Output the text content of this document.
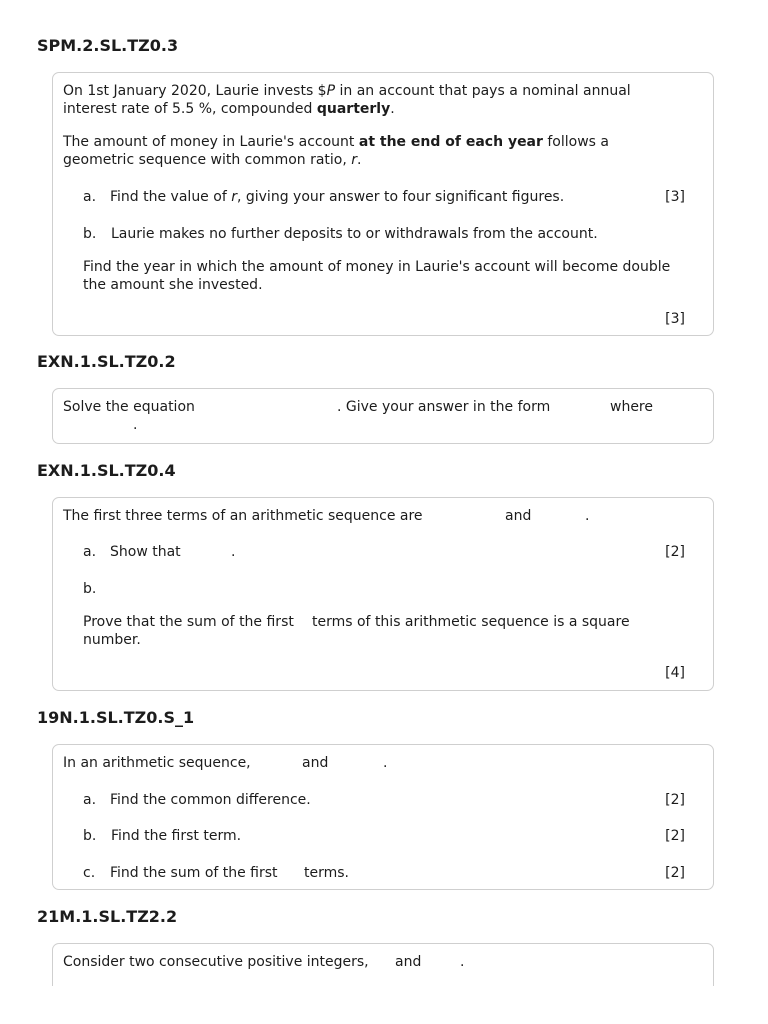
SPM.2.SL.TZ0.3
On 1st January 2020, Laurie invests $P in an account that pays a nominal annual
interest rate of 5.5 %, compounded quarterly.
The amount of money in Laurie's account at the end of each year follows a
geometric sequence with common ratio, r.
a. Find the value of r, giving your answer to four significant figures.	[3]
b. Laurie makes no further deposits to or withdrawals from the account.
Find the year in which the amount of money in Laurie's account will become double
the amount she invested.
[3]
EXN.1.SL.TZ0.2
Solve the equation	. Give your answer in the form	where
.
EXN.1.SL.TZ0.4
The first three terms of an arithmetic sequence are	and	.
a. Show that	.	[2]
b.
Prove that the sum of the first terms of this arithmetic sequence is a square
number.
[4]
19N.1.SL.TZ0.S_1
In an arithmetic sequence,	and	.
a. Find the common difference.	[2]
b. Find the first term.	[2]
c. Find the sum of the first terms.	[2]
21M.1.SL.TZ2.2
Consider two consecutive positive integers, and	.
